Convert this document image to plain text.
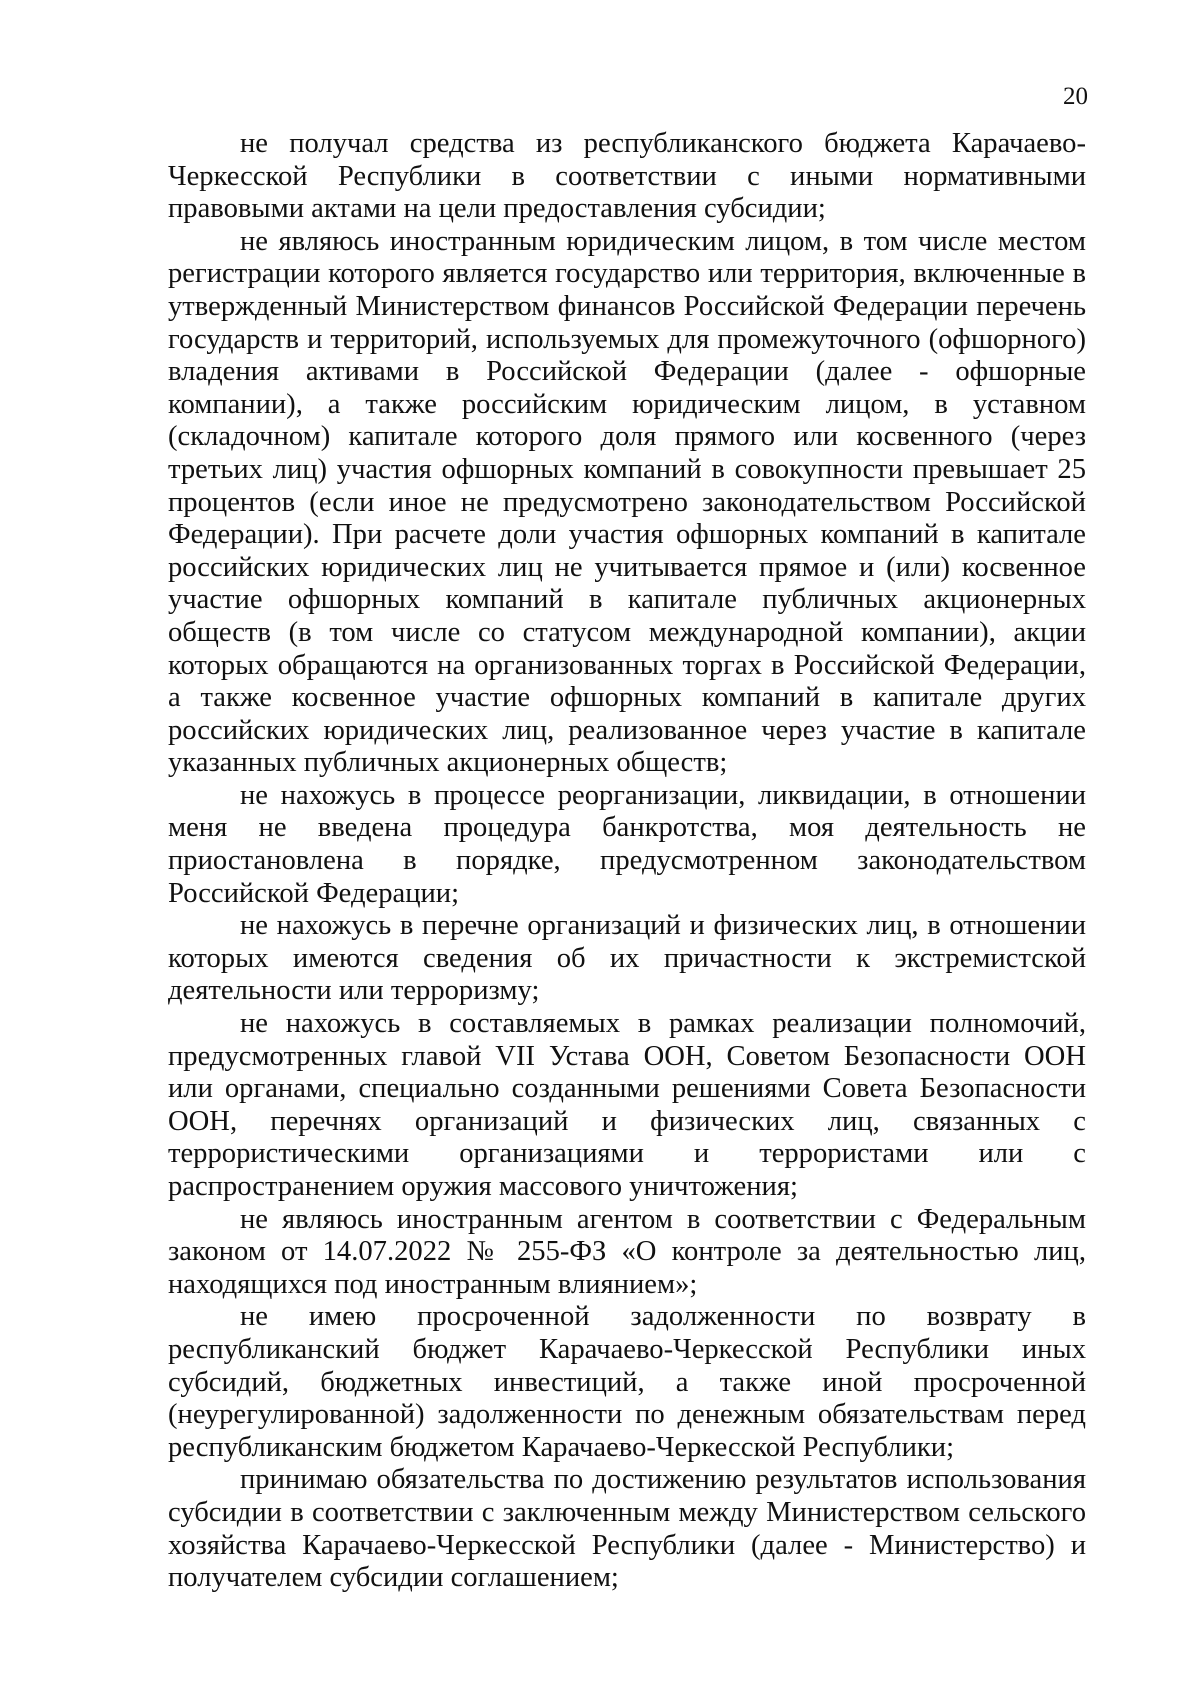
20

не получал средства из республиканского бюджета Карачаево-Черкесской Республики в соответствии с иными нормативными правовыми актами на цели предоставления субсидии;

не являюсь иностранным юридическим лицом, в том числе местом регистрации которого является государство или территория, включенные в утвержденный Министерством финансов Российской Федерации перечень государств и территорий, используемых для промежуточного (офшорного) владения активами в Российской Федерации (далее - офшорные компании), а также российским юридическим лицом, в уставном (складочном) капитале которого доля прямого или косвенного (через третьих лиц) участия офшорных компаний в совокупности превышает 25 процентов (если иное не предусмотрено законодательством Российской Федерации). При расчете доли участия офшорных компаний в капитале российских юридических лиц не учитывается прямое и (или) косвенное участие офшорных компаний в капитале публичных акционерных обществ (в том числе со статусом международной компании), акции которых обращаются на организованных торгах в Российской Федерации, а также косвенное участие офшорных компаний в капитале других российских юридических лиц, реализованное через участие в капитале указанных публичных акционерных обществ;

не нахожусь в процессе реорганизации, ликвидации, в отношении меня не введена процедура банкротства, моя деятельность не приостановлена в порядке, предусмотренном законодательством Российской Федерации;

не нахожусь в перечне организаций и физических лиц, в отношении которых имеются сведения об их причастности к экстремистской деятельности или терроризму;

не нахожусь в составляемых в рамках реализации полномочий, предусмотренных главой VII Устава ООН, Советом Безопасности ООН или органами, специально созданными решениями Совета Безопасности ООН, перечнях организаций и физических лиц, связанных с террористическими организациями и террористами или с распространением оружия массового уничтожения;

не являюсь иностранным агентом в соответствии с Федеральным законом от 14.07.2022 № 255-ФЗ «О контроле за деятельностью лиц, находящихся под иностранным влиянием»;

не имею просроченной задолженности по возврату в республиканский бюджет Карачаево-Черкесской Республики иных субсидий, бюджетных инвестиций, а также иной просроченной (неурегулированной) задолженности по денежным обязательствам перед республиканским бюджетом Карачаево-Черкесской Республики;

принимаю обязательства по достижению результатов использования субсидии в соответствии с заключенным между Министерством сельского хозяйства Карачаево-Черкесской Республики (далее - Министерство) и получателем субсидии соглашением;
